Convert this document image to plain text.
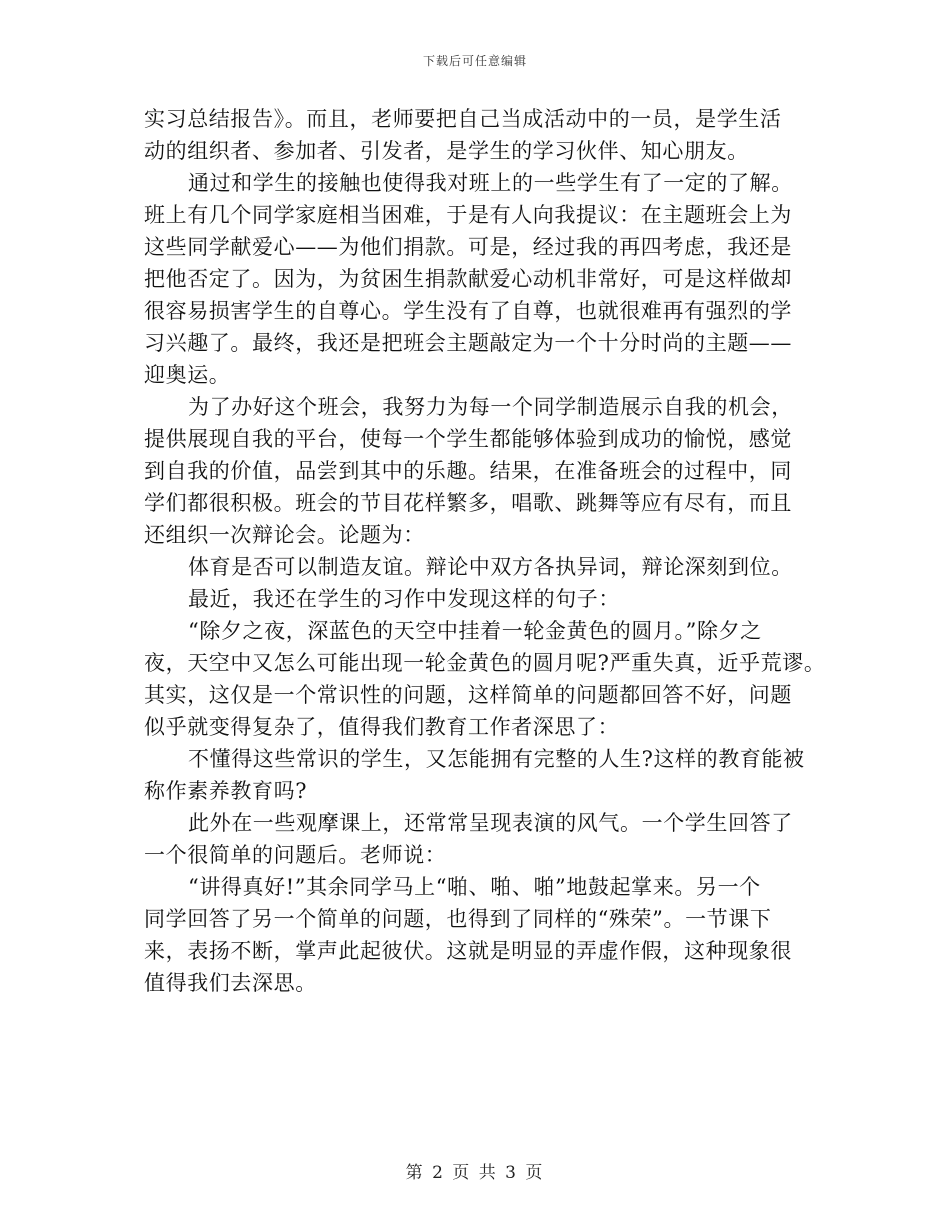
下载后可任意编辑
实习总结报告》。而且，老师要把自己当成活动中的一员，是学生活
动的组织者、参加者、引发者，是学生的学习伙伴、知心朋友。
通过和学生的接触也使得我对班上的一些学生有了一定的了解。
班上有几个同学家庭相当困难，于是有人向我提议：在主题班会上为
这些同学献爱心——为他们捐款。可是，经过我的再四考虑，我还是
把他否定了。因为，为贫困生捐款献爱心动机非常好，可是这样做却
很容易损害学生的自尊心。学生没有了自尊，也就很难再有强烈的学
习兴趣了。最终，我还是把班会主题敲定为一个十分时尚的主题——
迎奥运。
为了办好这个班会，我努力为每一个同学制造展示自我的机会，
提供展现自我的平台，使每一个学生都能够体验到成功的愉悦，感觉
到自我的价值，品尝到其中的乐趣。结果，在准备班会的过程中，同
学们都很积极。班会的节目花样繁多，唱歌、跳舞等应有尽有，而且
还组织一次辩论会。论题为：
体育是否可以制造友谊。辩论中双方各执异词，辩论深刻到位。
最近，我还在学生的习作中发现这样的句子：
“除夕之夜，深蓝色的天空中挂着一轮金黄色的圆月。”除夕之
夜，天空中又怎么可能出现一轮金黄色的圆月呢?严重失真，近乎荒谬。
其实，这仅是一个常识性的问题，这样简单的问题都回答不好，问题
似乎就变得复杂了，值得我们教育工作者深思了：
不懂得这些常识的学生，又怎能拥有完整的人生?这样的教育能被
称作素养教育吗?
此外在一些观摩课上，还常常呈现表演的风气。一个学生回答了
一个很简单的问题后。老师说：
“讲得真好!”其余同学马上“啪、啪、啪”地鼓起掌来。另一个
同学回答了另一个简单的问题，也得到了同样的“殊荣”。一节课下
来，表扬不断，掌声此起彼伏。这就是明显的弄虚作假，这种现象很
值得我们去深思。
第 2 页 共 3 页
